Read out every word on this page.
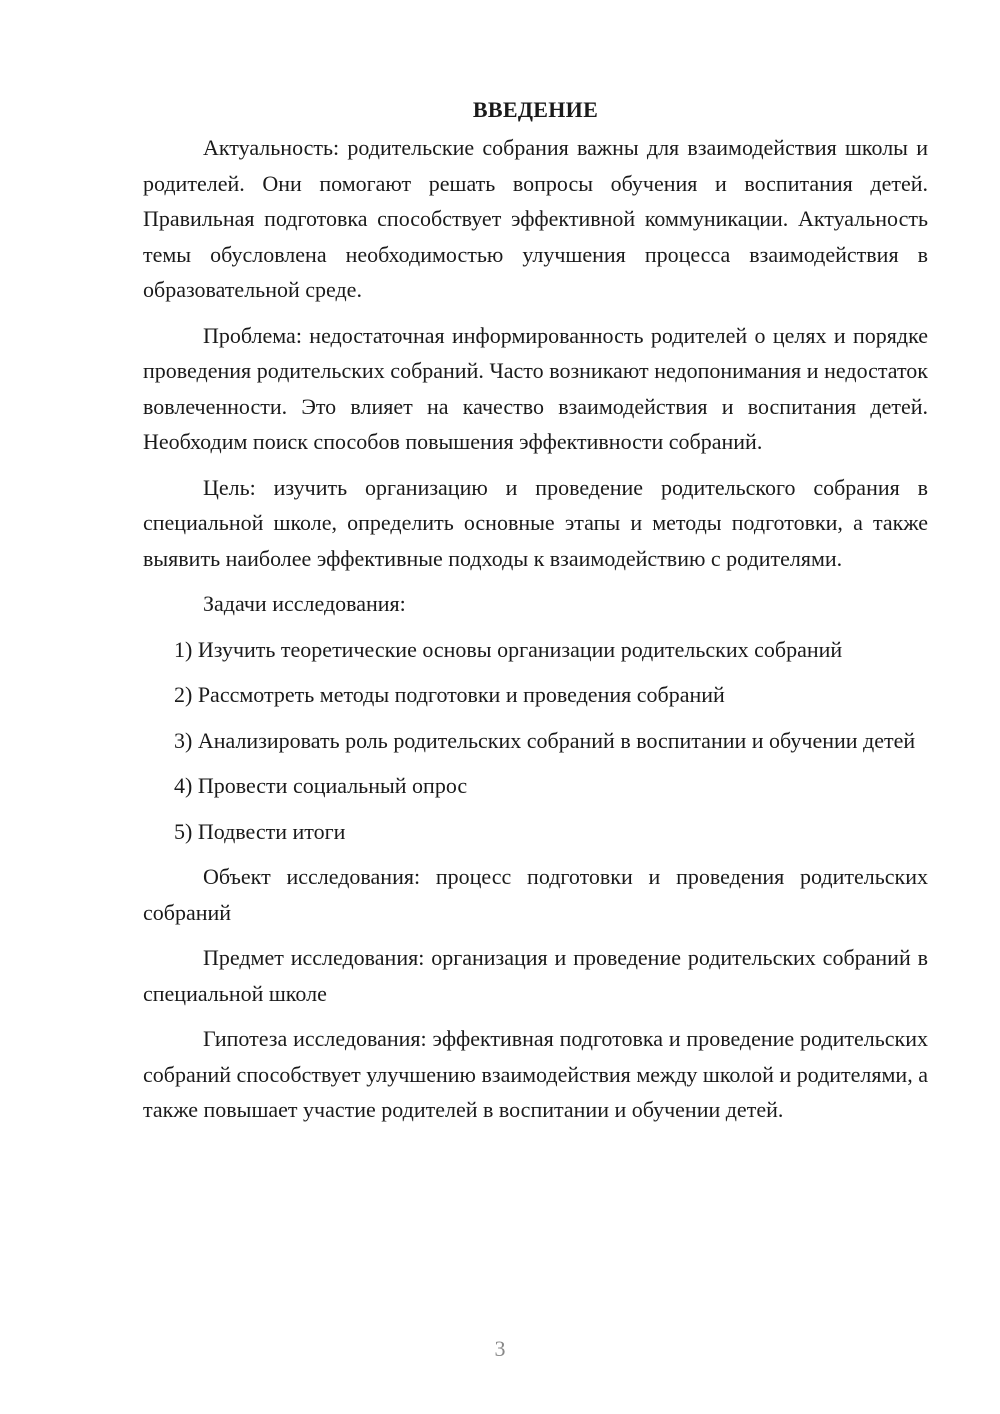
ВВЕДЕНИЕ

Актуальность: родительские собрания важны для взаимодействия школы и родителей. Они помогают решать вопросы обучения и воспитания детей. Правильная подготовка способствует эффективной коммуникации. Актуальность темы обусловлена необходимостью улучшения процесса взаимодействия в образовательной среде.

Проблема: недостаточная информированность родителей о целях и порядке проведения родительских собраний. Часто возникают недопонимания и недостаток вовлеченности. Это влияет на качество взаимодействия и воспитания детей. Необходим поиск способов повышения эффективности собраний.

Цель: изучить организацию и проведение родительского собрания в специальной школе, определить основные этапы и методы подготовки, а также выявить наиболее эффективные подходы к взаимодействию с родителями.

Задачи исследования:

1) Изучить теоретические основы организации родительских собраний

2) Рассмотреть методы подготовки и проведения собраний

3) Анализировать роль родительских собраний в воспитании и обучении детей

4) Провести социальный опрос

5) Подвести итоги

Объект исследования: процесс подготовки и проведения родительских собраний

Предмет исследования: организация и проведение родительских собраний в специальной школе

Гипотеза исследования: эффективная подготовка и проведение родительских собраний способствует улучшению взаимодействия между школой и родителями, а также повышает участие родителей в воспитании и обучении детей.

3
